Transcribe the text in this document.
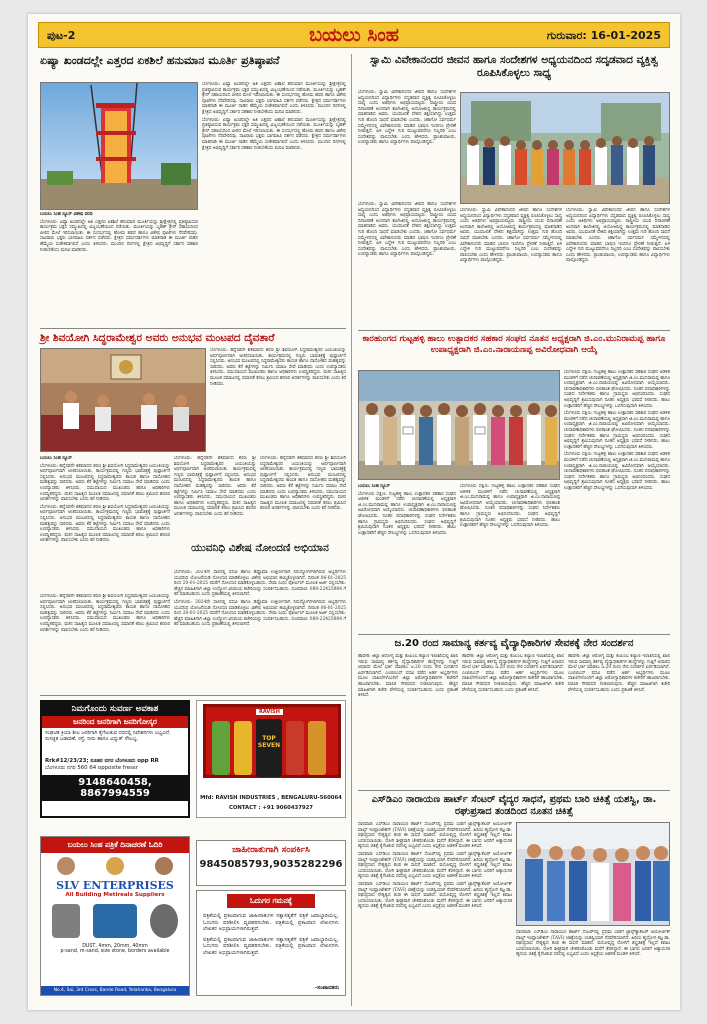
ಪುಟ-2	ಬಯಲು ಸಿಂಹ	ಗುರುವಾರ: 16-01-2025
ಏಷ್ಯಾ ಖಂಡದಲ್ಲೇ ಎತ್ತರದ ಏಕಶಿಲೆ ಹನುಮಾನ ಮೂರ್ತಿ ಪ್ರತಿಷ್ಠಾಪನೆ

ಬಯಲು ಸಿಂಹ ನ್ಯೂಸ್ ವಿಶೇಷ ವರದಿ

ಬೆಂಗಳೂರು: ಏಷ್ಯಾ ಖಂಡದಲ್ಲೇ ಅತಿ ಎತ್ತರದ ಏಕಶಿಲೆ ಹನುಮಾನ ಮೂರ್ತಿಯನ್ನು ಶ್ರೀಕ್ಷೇತ್ರದಲ್ಲಿ ಪ್ರತಿಷ್ಠಾಪಿಸುವ ಕಾರ್ಯಕ್ರಮ ಭಕ್ತರ ಸಮ್ಮುಖದಲ್ಲಿ ವಿಜೃಂಭಣೆಯಿಂದ ನಡೆಯಿತು. ಮೂರ್ತಿಯನ್ನು ಬೃಹತ್ ಕ್ರೇನ್ ಸಹಾಯದಿಂದ ಪೀಠದ ಮೇಲೆ ಇರಿಸಲಾಯಿತು. ಈ ಸಂದರ್ಭದಲ್ಲಿ ಹೋಮ ಹವನ ಹಾಗೂ ವಿಶೇಷ ಪೂಜೆಗಳು ನೆರವೇರಿದವು. ಸಾವಿರಾರು ಭಕ್ತರು ಭಾಗವಹಿಸಿ ದರ್ಶನ ಪಡೆದರು. ಕ್ಷೇತ್ರದ ಧರ್ಮದರ್ಶಿಗಳು ಮಾತನಾಡಿ ಈ ಮೂರ್ತಿ ನಾಡಿನ ಹೆಮ್ಮೆಯ ಸಂಕೇತವಾಗಲಿದೆ ಎಂದು ತಿಳಿಸಿದರು. ಮುಂದಿನ ದಿನಗಳಲ್ಲಿ ಕ್ಷೇತ್ರದ ಅಭಿವೃದ್ಧಿಗೆ ಸರ್ಕಾರ ಸಹಕಾರ ನೀಡಬೇಕೆಂದು ಮನವಿ ಮಾಡಿದರು.

ಬೆಂಗಳೂರು: ಏಷ್ಯಾ ಖಂಡದಲ್ಲೇ ಅತಿ ಎತ್ತರದ ಏಕಶಿಲೆ ಹನುಮಾನ ಮೂರ್ತಿಯನ್ನು ಶ್ರೀಕ್ಷೇತ್ರದಲ್ಲಿ ಪ್ರತಿಷ್ಠಾಪಿಸುವ ಕಾರ್ಯಕ್ರಮ ಭಕ್ತರ ಸಮ್ಮುಖದಲ್ಲಿ ವಿಜೃಂಭಣೆಯಿಂದ ನಡೆಯಿತು. ಮೂರ್ತಿಯನ್ನು ಬೃಹತ್ ಕ್ರೇನ್ ಸಹಾಯದಿಂದ ಪೀಠದ ಮೇಲೆ ಇರಿಸಲಾಯಿತು. ಈ ಸಂದರ್ಭದಲ್ಲಿ ಹೋಮ ಹವನ ಹಾಗೂ ವಿಶೇಷ ಪೂಜೆಗಳು ನೆರವೇರಿದವು. ಸಾವಿರಾರು ಭಕ್ತರು ಭಾಗವಹಿಸಿ ದರ್ಶನ ಪಡೆದರು. ಕ್ಷೇತ್ರದ ಧರ್ಮದರ್ಶಿಗಳು ಮಾತನಾಡಿ ಈ ಮೂರ್ತಿ ನಾಡಿನ ಹೆಮ್ಮೆಯ ಸಂಕೇತವಾಗಲಿದೆ ಎಂದು ತಿಳಿಸಿದರು. ಮುಂದಿನ ದಿನಗಳಲ್ಲಿ ಕ್ಷೇತ್ರದ ಅಭಿವೃದ್ಧಿಗೆ ಸರ್ಕಾರ ಸಹಕಾರ ನೀಡಬೇಕೆಂದು ಮನವಿ ಮಾಡಿದರು.

ಬೆಂಗಳೂರು: ಏಷ್ಯಾ ಖಂಡದಲ್ಲೇ ಅತಿ ಎತ್ತರದ ಏಕಶಿಲೆ ಹನುಮಾನ ಮೂರ್ತಿಯನ್ನು ಶ್ರೀಕ್ಷೇತ್ರದಲ್ಲಿ ಪ್ರತಿಷ್ಠಾಪಿಸುವ ಕಾರ್ಯಕ್ರಮ ಭಕ್ತರ ಸಮ್ಮುಖದಲ್ಲಿ ವಿಜೃಂಭಣೆಯಿಂದ ನಡೆಯಿತು. ಮೂರ್ತಿಯನ್ನು ಬೃಹತ್ ಕ್ರೇನ್ ಸಹಾಯದಿಂದ ಪೀಠದ ಮೇಲೆ ಇರಿಸಲಾಯಿತು. ಈ ಸಂದರ್ಭದಲ್ಲಿ ಹೋಮ ಹವನ ಹಾಗೂ ವಿಶೇಷ ಪೂಜೆಗಳು ನೆರವೇರಿದವು. ಸಾವಿರಾರು ಭಕ್ತರು ಭಾಗವಹಿಸಿ ದರ್ಶನ ಪಡೆದರು. ಕ್ಷೇತ್ರದ ಧರ್ಮದರ್ಶಿಗಳು ಮಾತನಾಡಿ ಈ ಮೂರ್ತಿ ನಾಡಿನ ಹೆಮ್ಮೆಯ ಸಂಕೇತವಾಗಲಿದೆ ಎಂದು ತಿಳಿಸಿದರು. ಮುಂದಿನ ದಿನಗಳಲ್ಲಿ ಕ್ಷೇತ್ರದ ಅಭಿವೃದ್ಧಿಗೆ ಸರ್ಕಾರ ಸಹಕಾರ ನೀಡಬೇಕೆಂದು ಮನವಿ ಮಾಡಿದರು.

ಶ್ರೀ ಶಿವಯೋಗಿ ಸಿದ್ಧರಾಮೇಶ್ವರ ಅವರು ಅನುಭವ ಮಂಟಪದ ದೈವತಾರೆ

ಬೆಂಗಳೂರು: ಹನ್ನೆರಡನೇ ಶತಮಾನದ ಶರಣ ಶ್ರೀ ಶಿವಯೋಗಿ ಸಿದ್ಧರಾಮೇಶ್ವರರ ಜಯಂತಿಯನ್ನು ಅರ್ಥಪೂರ್ಣವಾಗಿ ಆಚರಿಸಲಾಯಿತು. ಕಾರ್ಯಕ್ರಮದಲ್ಲಿ ಗಣ್ಯರು ಭಾವಚಿತ್ರಕ್ಕೆ ಪುಷ್ಪಾರ್ಚನೆ ಸಲ್ಲಿಸಿದರು. ಅನುಭವ ಮಂಟಪದಲ್ಲಿ ಸಿದ್ಧರಾಮೇಶ್ವರರು ಕಾಯಕ ಹಾಗೂ ದಾಸೋಹದ ಮಹತ್ವವನ್ನು ಸಾರಿದರು. ಅವರು ಕೆರೆ ಕಟ್ಟೆಗಳನ್ನು ನಿರ್ಮಿಸಿ ಸಮಾಜ ಸೇವೆ ಮಾಡಿದರು ಎಂದು ಉಪನ್ಯಾಸಕರು ತಿಳಿಸಿದರು. ಸಮುದಾಯದ ಮುಖಂಡರು ಹಾಗೂ ಅಧಿಕಾರಿಗಳು ಉಪಸ್ಥಿತರಿದ್ದರು. ವಚನ ಸಾಹಿತ್ಯದ ಮೂಲಕ ಸಮಾಜದಲ್ಲಿ ಸಮಾನತೆ ತರಲು ಶ್ರಮಿಸಿದ ಶರಣರ ಆದರ್ಶಗಳನ್ನು ಪಾಲಿಸಬೇಕು ಎಂದು ಕರೆ ನೀಡಿದರು.

ಬಯಲು ಸಿಂಹ ನ್ಯೂಸ್

ಬೆಂಗಳೂರು: ಹನ್ನೆರಡನೇ ಶತಮಾನದ ಶರಣ ಶ್ರೀ ಶಿವಯೋಗಿ ಸಿದ್ಧರಾಮೇಶ್ವರರ ಜಯಂತಿಯನ್ನು ಅರ್ಥಪೂರ್ಣವಾಗಿ ಆಚರಿಸಲಾಯಿತು. ಕಾರ್ಯಕ್ರಮದಲ್ಲಿ ಗಣ್ಯರು ಭಾವಚಿತ್ರಕ್ಕೆ ಪುಷ್ಪಾರ್ಚನೆ ಸಲ್ಲಿಸಿದರು. ಅನುಭವ ಮಂಟಪದಲ್ಲಿ ಸಿದ್ಧರಾಮೇಶ್ವರರು ಕಾಯಕ ಹಾಗೂ ದಾಸೋಹದ ಮಹತ್ವವನ್ನು ಸಾರಿದರು. ಅವರು ಕೆರೆ ಕಟ್ಟೆಗಳನ್ನು ನಿರ್ಮಿಸಿ ಸಮಾಜ ಸೇವೆ ಮಾಡಿದರು ಎಂದು ಉಪನ್ಯಾಸಕರು ತಿಳಿಸಿದರು. ಸಮುದಾಯದ ಮುಖಂಡರು ಹಾಗೂ ಅಧಿಕಾರಿಗಳು ಉಪಸ್ಥಿತರಿದ್ದರು. ವಚನ ಸಾಹಿತ್ಯದ ಮೂಲಕ ಸಮಾಜದಲ್ಲಿ ಸಮಾನತೆ ತರಲು ಶ್ರಮಿಸಿದ ಶರಣರ ಆದರ್ಶಗಳನ್ನು ಪಾಲಿಸಬೇಕು ಎಂದು ಕರೆ ನೀಡಿದರು.

ಬೆಂಗಳೂರು: ಹನ್ನೆರಡನೇ ಶತಮಾನದ ಶರಣ ಶ್ರೀ ಶಿವಯೋಗಿ ಸಿದ್ಧರಾಮೇಶ್ವರರ ಜಯಂತಿಯನ್ನು ಅರ್ಥಪೂರ್ಣವಾಗಿ ಆಚರಿಸಲಾಯಿತು. ಕಾರ್ಯಕ್ರಮದಲ್ಲಿ ಗಣ್ಯರು ಭಾವಚಿತ್ರಕ್ಕೆ ಪುಷ್ಪಾರ್ಚನೆ ಸಲ್ಲಿಸಿದರು. ಅನುಭವ ಮಂಟಪದಲ್ಲಿ ಸಿದ್ಧರಾಮೇಶ್ವರರು ಕಾಯಕ ಹಾಗೂ ದಾಸೋಹದ ಮಹತ್ವವನ್ನು ಸಾರಿದರು. ಅವರು ಕೆರೆ ಕಟ್ಟೆಗಳನ್ನು ನಿರ್ಮಿಸಿ ಸಮಾಜ ಸೇವೆ ಮಾಡಿದರು ಎಂದು ಉಪನ್ಯಾಸಕರು ತಿಳಿಸಿದರು. ಸಮುದಾಯದ ಮುಖಂಡರು ಹಾಗೂ ಅಧಿಕಾರಿಗಳು ಉಪಸ್ಥಿತರಿದ್ದರು. ವಚನ ಸಾಹಿತ್ಯದ ಮೂಲಕ ಸಮಾಜದಲ್ಲಿ ಸಮಾನತೆ ತರಲು ಶ್ರಮಿಸಿದ ಶರಣರ ಆದರ್ಶಗಳನ್ನು ಪಾಲಿಸಬೇಕು ಎಂದು ಕರೆ ನೀಡಿದರು.

ಬೆಂಗಳೂರು: ಹನ್ನೆರಡನೇ ಶತಮಾನದ ಶರಣ ಶ್ರೀ ಶಿವಯೋಗಿ ಸಿದ್ಧರಾಮೇಶ್ವರರ ಜಯಂತಿಯನ್ನು ಅರ್ಥಪೂರ್ಣವಾಗಿ ಆಚರಿಸಲಾಯಿತು. ಕಾರ್ಯಕ್ರಮದಲ್ಲಿ ಗಣ್ಯರು ಭಾವಚಿತ್ರಕ್ಕೆ ಪುಷ್ಪಾರ್ಚನೆ ಸಲ್ಲಿಸಿದರು. ಅನುಭವ ಮಂಟಪದಲ್ಲಿ ಸಿದ್ಧರಾಮೇಶ್ವರರು ಕಾಯಕ ಹಾಗೂ ದಾಸೋಹದ ಮಹತ್ವವನ್ನು ಸಾರಿದರು. ಅವರು ಕೆರೆ ಕಟ್ಟೆಗಳನ್ನು ನಿರ್ಮಿಸಿ ಸಮಾಜ ಸೇವೆ ಮಾಡಿದರು ಎಂದು ಉಪನ್ಯಾಸಕರು ತಿಳಿಸಿದರು. ಸಮುದಾಯದ ಮುಖಂಡರು ಹಾಗೂ ಅಧಿಕಾರಿಗಳು ಉಪಸ್ಥಿತರಿದ್ದರು. ವಚನ ಸಾಹಿತ್ಯದ ಮೂಲಕ ಸಮಾಜದಲ್ಲಿ ಸಮಾನತೆ ತರಲು ಶ್ರಮಿಸಿದ ಶರಣರ ಆದರ್ಶಗಳನ್ನು ಪಾಲಿಸಬೇಕು ಎಂದು ಕರೆ ನೀಡಿದರು.

ಬೆಂಗಳೂರು: ಹನ್ನೆರಡನೇ ಶತಮಾನದ ಶರಣ ಶ್ರೀ ಶಿವಯೋಗಿ ಸಿದ್ಧರಾಮೇಶ್ವರರ ಜಯಂತಿಯನ್ನು ಅರ್ಥಪೂರ್ಣವಾಗಿ ಆಚರಿಸಲಾಯಿತು. ಕಾರ್ಯಕ್ರಮದಲ್ಲಿ ಗಣ್ಯರು ಭಾವಚಿತ್ರಕ್ಕೆ ಪುಷ್ಪಾರ್ಚನೆ ಸಲ್ಲಿಸಿದರು. ಅನುಭವ ಮಂಟಪದಲ್ಲಿ ಸಿದ್ಧರಾಮೇಶ್ವರರು ಕಾಯಕ ಹಾಗೂ ದಾಸೋಹದ ಮಹತ್ವವನ್ನು ಸಾರಿದರು. ಅವರು ಕೆರೆ ಕಟ್ಟೆಗಳನ್ನು ನಿರ್ಮಿಸಿ ಸಮಾಜ ಸೇವೆ ಮಾಡಿದರು ಎಂದು ಉಪನ್ಯಾಸಕರು ತಿಳಿಸಿದರು. ಸಮುದಾಯದ ಮುಖಂಡರು ಹಾಗೂ ಅಧಿಕಾರಿಗಳು ಉಪಸ್ಥಿತರಿದ್ದರು. ವಚನ ಸಾಹಿತ್ಯದ ಮೂಲಕ ಸಮಾಜದಲ್ಲಿ ಸಮಾನತೆ ತರಲು ಶ್ರಮಿಸಿದ ಶರಣರ ಆದರ್ಶಗಳನ್ನು ಪಾಲಿಸಬೇಕು ಎಂದು ಕರೆ ನೀಡಿದರು.

ಯುವನಿಧಿ ವಿಶೇಷ ನೋಂದಣಿ ಅಭಿಯಾನ

ಬೆಂಗಳೂರು: 2024ನೇ ಸಾಲಿನಲ್ಲಿ ಪದವಿ ಹಾಗೂ ಡಿಪ್ಲೊಮಾ ಉತ್ತೀರ್ಣರಾಗಿ ನಿರುದ್ಯೋಗಿಗಳಾಗಿರುವ ಅಭ್ಯರ್ಥಿಗಳು ಯುವನಿಧಿ ಯೋಜನೆಯಡಿ ನೋಂದಣಿ ಮಾಡಿಕೊಳ್ಳಲು ವಿಶೇಷ ಅಭಿಯಾನ ಹಮ್ಮಿಕೊಳ್ಳಲಾಗಿದೆ. ದಿನಾಂಕ 06-01-2025 ರಿಂದ 20-01-2025 ರವರೆಗೆ ನೋಂದಣಿ ಮಾಡಿಕೊಳ್ಳಬಹುದು. ಸೇವಾ ಸಿಂಧು ಪೋರ್ಟಲ್ ಮೂಲಕ ಅರ್ಜಿ ಸಲ್ಲಿಸಬೇಕು. ಹೆಚ್ಚಿನ ಮಾಹಿತಿಗಾಗಿ ಜಿಲ್ಲಾ ಉದ್ಯೋಗ ವಿನಿಮಯ ಕಚೇರಿಯನ್ನು ಸಂಪರ್ಕಿಸಬಹುದು. ದೂರವಾಣಿ: 080-22425984 ಗೆ ಕರೆ ಮಾಡಬಹುದು ಎಂದು ಪ್ರಕಟಣೆಯಲ್ಲಿ ತಿಳಿಸಲಾಗಿದೆ.

ಬೆಂಗಳೂರು: 2024ನೇ ಸಾಲಿನಲ್ಲಿ ಪದವಿ ಹಾಗೂ ಡಿಪ್ಲೊಮಾ ಉತ್ತೀರ್ಣರಾಗಿ ನಿರುದ್ಯೋಗಿಗಳಾಗಿರುವ ಅಭ್ಯರ್ಥಿಗಳು ಯುವನಿಧಿ ಯೋಜನೆಯಡಿ ನೋಂದಣಿ ಮಾಡಿಕೊಳ್ಳಲು ವಿಶೇಷ ಅಭಿಯಾನ ಹಮ್ಮಿಕೊಳ್ಳಲಾಗಿದೆ. ದಿನಾಂಕ 06-01-2025 ರಿಂದ 20-01-2025 ರವರೆಗೆ ನೋಂದಣಿ ಮಾಡಿಕೊಳ್ಳಬಹುದು. ಸೇವಾ ಸಿಂಧು ಪೋರ್ಟಲ್ ಮೂಲಕ ಅರ್ಜಿ ಸಲ್ಲಿಸಬೇಕು. ಹೆಚ್ಚಿನ ಮಾಹಿತಿಗಾಗಿ ಜಿಲ್ಲಾ ಉದ್ಯೋಗ ವಿನಿಮಯ ಕಚೇರಿಯನ್ನು ಸಂಪರ್ಕಿಸಬಹುದು. ದೂರವಾಣಿ: 080-22425984 ಗೆ ಕರೆ ಮಾಡಬಹುದು ಎಂದು ಪ್ರಕಟಣೆಯಲ್ಲಿ ತಿಳಿಸಲಾಗಿದೆ.

ಬೆಂಗಳೂರು: ಹನ್ನೆರಡನೇ ಶತಮಾನದ ಶರಣ ಶ್ರೀ ಶಿವಯೋಗಿ ಸಿದ್ಧರಾಮೇಶ್ವರರ ಜಯಂತಿಯನ್ನು ಅರ್ಥಪೂರ್ಣವಾಗಿ ಆಚರಿಸಲಾಯಿತು. ಕಾರ್ಯಕ್ರಮದಲ್ಲಿ ಗಣ್ಯರು ಭಾವಚಿತ್ರಕ್ಕೆ ಪುಷ್ಪಾರ್ಚನೆ ಸಲ್ಲಿಸಿದರು. ಅನುಭವ ಮಂಟಪದಲ್ಲಿ ಸಿದ್ಧರಾಮೇಶ್ವರರು ಕಾಯಕ ಹಾಗೂ ದಾಸೋಹದ ಮಹತ್ವವನ್ನು ಸಾರಿದರು. ಅವರು ಕೆರೆ ಕಟ್ಟೆಗಳನ್ನು ನಿರ್ಮಿಸಿ ಸಮಾಜ ಸೇವೆ ಮಾಡಿದರು ಎಂದು ಉಪನ್ಯಾಸಕರು ತಿಳಿಸಿದರು. ಸಮುದಾಯದ ಮುಖಂಡರು ಹಾಗೂ ಅಧಿಕಾರಿಗಳು ಉಪಸ್ಥಿತರಿದ್ದರು. ವಚನ ಸಾಹಿತ್ಯದ ಮೂಲಕ ಸಮಾಜದಲ್ಲಿ ಸಮಾನತೆ ತರಲು ಶ್ರಮಿಸಿದ ಶರಣರ ಆದರ್ಶಗಳನ್ನು ಪಾಲಿಸಬೇಕು ಎಂದು ಕರೆ ನೀಡಿದರು.

ನಿಮಗೊಂದು ಸುವರ್ಣ ಅವಕಾಶ
ಜನರಿಂದ ಜನರಿಗಾಗಿ ಜನರಿಗೋಸ್ಕರ
ಸಂಘಟಿತ ಕ್ರಿಯಾ ಶೀಲ ಜನರಿಗಾಗಿ ಕೈಗೆಟುಕುವ ದರದಲ್ಲಿ ನಿವೇಶನಗಳು ಲಭ್ಯವಿದೆ. ಸುಸಜ್ಜಿತ ಬಡಾವಣೆ, ರಸ್ತೆ, ನೀರು ಹಾಗೂ ವಿದ್ಯುತ್ ಸೌಲಭ್ಯ.
Rrk#12/23/23; ನೂತನ ನಗರ ಬೆಂಗಳೂರು opp RR
ಬೆಂಗಳೂರು ನಗರ 560 64 opposite fressr
9148640458, 8867994559
RAVISH
TOP SEVEN
Mfd: RAVISH INDUSTRIES , BENGALURU-560064
CONTACT : +91 9060437927
ಬಯಲು ಸಿಂಹ ಪತ್ರಿಕೆ ದಿನಾಚರಣೆ ಓದಿರಿ
SLV ENTERPRISES
All Building Metireals Suppliers
DUST, 4mm, 20mm, 40mm
p-sand, m-sand, size stone, borders available
No.4, Sai, 3rd Cross, Bande Road, Yelahanka, Bengaluru
ಜಾಹೀರಾತುಗಾಗಿ ಸಂಪರ್ಕಿಸಿ
9845085793,9035282296
ಓದುಗರ ಗಮನಕ್ಕೆ
ಪತ್ರಿಕೆಯಲ್ಲಿ ಪ್ರಕಟವಾಗುವ ಜಾಹೀರಾತುಗಳ ಸತ್ಯಾಸತ್ಯತೆಗೆ ಪತ್ರಿಕೆ ಜವಾಬ್ದಾರಿಯಲ್ಲ. ಓದುಗರು ಪರಿಶೀಲಿಸಿ ವ್ಯವಹರಿಸಬೇಕು. ಪತ್ರಿಕೆಯಲ್ಲಿ ಪ್ರಕಟವಾದ ಲೇಖನಗಳು ಲೇಖಕರ ಅಭಿಪ್ರಾಯಗಳಾಗಿರುತ್ತವೆ.
ಪತ್ರಿಕೆಯಲ್ಲಿ ಪ್ರಕಟವಾಗುವ ಜಾಹೀರಾತುಗಳ ಸತ್ಯಾಸತ್ಯತೆಗೆ ಪತ್ರಿಕೆ ಜವಾಬ್ದಾರಿಯಲ್ಲ. ಓದುಗರು ಪರಿಶೀಲಿಸಿ ವ್ಯವಹರಿಸಬೇಕು. ಪತ್ರಿಕೆಯಲ್ಲಿ ಪ್ರಕಟವಾದ ಲೇಖನಗಳು ಲೇಖಕರ ಅಭಿಪ್ರಾಯಗಳಾಗಿರುತ್ತವೆ.
-ಸಂಪಾದಕರು
ಸ್ವಾಮಿ ವಿವೇಕಾನಂದರ ಜೀವನ ಹಾಗೂ ಸಂದೇಶಗಳ ಅಧ್ಯಯನದಿಂದ ಸದೃಡವಾದ ವ್ಯಕ್ತಿತ್ವ ರೂಪಿಸಿಕೊಳ್ಳಲು ಸಾಧ್ಯ

ಬೆಂಗಳೂರು: ಸ್ವಾಮಿ ವಿವೇಕಾನಂದರ ಜೀವನ ಹಾಗೂ ಸಂದೇಶಗಳ ಅಧ್ಯಯನದಿಂದ ವಿದ್ಯಾರ್ಥಿಗಳು ಸದೃಡವಾದ ವ್ಯಕ್ತಿತ್ವ ರೂಪಿಸಿಕೊಳ್ಳಲು ಸಾಧ್ಯ ಎಂದು ಅತಿಥಿಗಳು ಅಭಿಪ್ರಾಯಪಟ್ಟರು. ರಾಷ್ಟ್ರೀಯ ಯುವ ದಿನಾಚರಣೆ ಅಂಗವಾಗಿ ಕಾಲೇಜಿನಲ್ಲಿ ಆಯೋಜಿಸಿದ್ದ ಕಾರ್ಯಕ್ರಮದಲ್ಲಿ ಮಾತನಾಡಿದ ಅವರು, ಯುವಜನತೆ ದೇಶದ ಶಕ್ತಿಯಾಗಿದ್ದು ಉತ್ತಮ ಗುರಿ ಹೊಂದಿ ಸಾಧನೆ ಮಾಡಬೇಕು ಎಂದರು. ಚಿಕಾಗೋ ಸರ್ವಧರ್ಮ ಸಮ್ಮೇಳನದಲ್ಲಿ ವಿವೇಕಾನಂದರು ಮಾಡಿದ ಭಾಷಣ ಇಂದಿಗೂ ಪ್ರೇರಣೆ ನೀಡುತ್ತದೆ. ಏಳಿ ಎದ್ದೇಳಿ ಗುರಿ ಮುಟ್ಟುವವರೆಗೂ ನಿಲ್ಲದಿರಿ ಎಂಬ ಸಂದೇಶವನ್ನು ಪಾಲಿಸಬೇಕು ಎಂದು ಹೇಳಿದರು. ಪ್ರಾಂಶುಪಾಲರು, ಉಪನ್ಯಾಸಕರು ಹಾಗೂ ವಿದ್ಯಾರ್ಥಿಗಳು ಪಾಲ್ಗೊಂಡಿದ್ದರು.

ಬೆಂಗಳೂರು: ಸ್ವಾಮಿ ವಿವೇಕಾನಂದರ ಜೀವನ ಹಾಗೂ ಸಂದೇಶಗಳ ಅಧ್ಯಯನದಿಂದ ವಿದ್ಯಾರ್ಥಿಗಳು ಸದೃಡವಾದ ವ್ಯಕ್ತಿತ್ವ ರೂಪಿಸಿಕೊಳ್ಳಲು ಸಾಧ್ಯ ಎಂದು ಅತಿಥಿಗಳು ಅಭಿಪ್ರಾಯಪಟ್ಟರು. ರಾಷ್ಟ್ರೀಯ ಯುವ ದಿನಾಚರಣೆ ಅಂಗವಾಗಿ ಕಾಲೇಜಿನಲ್ಲಿ ಆಯೋಜಿಸಿದ್ದ ಕಾರ್ಯಕ್ರಮದಲ್ಲಿ ಮಾತನಾಡಿದ ಅವರು, ಯುವಜನತೆ ದೇಶದ ಶಕ್ತಿಯಾಗಿದ್ದು ಉತ್ತಮ ಗುರಿ ಹೊಂದಿ ಸಾಧನೆ ಮಾಡಬೇಕು ಎಂದರು. ಚಿಕಾಗೋ ಸರ್ವಧರ್ಮ ಸಮ್ಮೇಳನದಲ್ಲಿ ವಿವೇಕಾನಂದರು ಮಾಡಿದ ಭಾಷಣ ಇಂದಿಗೂ ಪ್ರೇರಣೆ ನೀಡುತ್ತದೆ. ಏಳಿ ಎದ್ದೇಳಿ ಗುರಿ ಮುಟ್ಟುವವರೆಗೂ ನಿಲ್ಲದಿರಿ ಎಂಬ ಸಂದೇಶವನ್ನು ಪಾಲಿಸಬೇಕು ಎಂದು ಹೇಳಿದರು. ಪ್ರಾಂಶುಪಾಲರು, ಉಪನ್ಯಾಸಕರು ಹಾಗೂ ವಿದ್ಯಾರ್ಥಿಗಳು ಪಾಲ್ಗೊಂಡಿದ್ದರು.

ಬೆಂಗಳೂರು: ಸ್ವಾಮಿ ವಿವೇಕಾನಂದರ ಜೀವನ ಹಾಗೂ ಸಂದೇಶಗಳ ಅಧ್ಯಯನದಿಂದ ವಿದ್ಯಾರ್ಥಿಗಳು ಸದೃಡವಾದ ವ್ಯಕ್ತಿತ್ವ ರೂಪಿಸಿಕೊಳ್ಳಲು ಸಾಧ್ಯ ಎಂದು ಅತಿಥಿಗಳು ಅಭಿಪ್ರಾಯಪಟ್ಟರು. ರಾಷ್ಟ್ರೀಯ ಯುವ ದಿನಾಚರಣೆ ಅಂಗವಾಗಿ ಕಾಲೇಜಿನಲ್ಲಿ ಆಯೋಜಿಸಿದ್ದ ಕಾರ್ಯಕ್ರಮದಲ್ಲಿ ಮಾತನಾಡಿದ ಅವರು, ಯುವಜನತೆ ದೇಶದ ಶಕ್ತಿಯಾಗಿದ್ದು ಉತ್ತಮ ಗುರಿ ಹೊಂದಿ ಸಾಧನೆ ಮಾಡಬೇಕು ಎಂದರು. ಚಿಕಾಗೋ ಸರ್ವಧರ್ಮ ಸಮ್ಮೇಳನದಲ್ಲಿ ವಿವೇಕಾನಂದರು ಮಾಡಿದ ಭಾಷಣ ಇಂದಿಗೂ ಪ್ರೇರಣೆ ನೀಡುತ್ತದೆ. ಏಳಿ ಎದ್ದೇಳಿ ಗುರಿ ಮುಟ್ಟುವವರೆಗೂ ನಿಲ್ಲದಿರಿ ಎಂಬ ಸಂದೇಶವನ್ನು ಪಾಲಿಸಬೇಕು ಎಂದು ಹೇಳಿದರು. ಪ್ರಾಂಶುಪಾಲರು, ಉಪನ್ಯಾಸಕರು ಹಾಗೂ ವಿದ್ಯಾರ್ಥಿಗಳು ಪಾಲ್ಗೊಂಡಿದ್ದರು.

ಬೆಂಗಳೂರು: ಸ್ವಾಮಿ ವಿವೇಕಾನಂದರ ಜೀವನ ಹಾಗೂ ಸಂದೇಶಗಳ ಅಧ್ಯಯನದಿಂದ ವಿದ್ಯಾರ್ಥಿಗಳು ಸದೃಡವಾದ ವ್ಯಕ್ತಿತ್ವ ರೂಪಿಸಿಕೊಳ್ಳಲು ಸಾಧ್ಯ ಎಂದು ಅತಿಥಿಗಳು ಅಭಿಪ್ರಾಯಪಟ್ಟರು. ರಾಷ್ಟ್ರೀಯ ಯುವ ದಿನಾಚರಣೆ ಅಂಗವಾಗಿ ಕಾಲೇಜಿನಲ್ಲಿ ಆಯೋಜಿಸಿದ್ದ ಕಾರ್ಯಕ್ರಮದಲ್ಲಿ ಮಾತನಾಡಿದ ಅವರು, ಯುವಜನತೆ ದೇಶದ ಶಕ್ತಿಯಾಗಿದ್ದು ಉತ್ತಮ ಗುರಿ ಹೊಂದಿ ಸಾಧನೆ ಮಾಡಬೇಕು ಎಂದರು. ಚಿಕಾಗೋ ಸರ್ವಧರ್ಮ ಸಮ್ಮೇಳನದಲ್ಲಿ ವಿವೇಕಾನಂದರು ಮಾಡಿದ ಭಾಷಣ ಇಂದಿಗೂ ಪ್ರೇರಣೆ ನೀಡುತ್ತದೆ. ಏಳಿ ಎದ್ದೇಳಿ ಗುರಿ ಮುಟ್ಟುವವರೆಗೂ ನಿಲ್ಲದಿರಿ ಎಂಬ ಸಂದೇಶವನ್ನು ಪಾಲಿಸಬೇಕು ಎಂದು ಹೇಳಿದರು. ಪ್ರಾಂಶುಪಾಲರು, ಉಪನ್ಯಾಸಕರು ಹಾಗೂ ವಿದ್ಯಾರ್ಥಿಗಳು ಪಾಲ್ಗೊಂಡಿದ್ದರು.

ಕಾರಹುಂಗದ ಗುಟ್ಟಹಳ್ಳಿ ಹಾಲು ಉತ್ಪಾದಕರ ಸಹಕಾರ ಸಂಘದ ನೂತನ ಅಧ್ಯಕ್ಷರಾಗಿ ಜಿ.ಎಂ.ಮುನಿರಾಮಪ್ಪ ಹಾಗೂ ಉಪಾಧ್ಯಕ್ಷರಾಗಿ ಜಿ.ಎಂ.ನಾರಾಯಣಪ್ಪ ಅವಿರೋಧವಾಗಿ ಆಯ್ಕೆ

ಬೆಂಗಳೂರು ದಕ್ಷಿಣ: ಗುಟ್ಟಹಳ್ಳಿ ಹಾಲು ಉತ್ಪಾದಕರ ಸಹಕಾರ ಸಂಘದ ಆಡಳಿತ ಮಂಡಳಿಗೆ ನಡೆದ ಚುನಾವಣೆಯಲ್ಲಿ ಅಧ್ಯಕ್ಷರಾಗಿ ಜಿ.ಎಂ.ಮುನಿರಾಮಪ್ಪ ಹಾಗೂ ಉಪಾಧ್ಯಕ್ಷರಾಗಿ ಜಿ.ಎಂ.ನಾರಾಯಣಪ್ಪ ಅವಿರೋಧವಾಗಿ ಆಯ್ಕೆಯಾದರು. ಚುನಾವಣಾಧಿಕಾರಿಗಳು ಫಲಿತಾಂಶ ಘೋಷಿಸಿದರು. ನೂತನ ಪದಾಧಿಕಾರಿಗಳನ್ನು ಸಂಘದ ನಿರ್ದೇಶಕರು ಹಾಗೂ ಗ್ರಾಮಸ್ಥರು ಅಭಿನಂದಿಸಿದರು. ಸಂಘದ ಅಭಿವೃದ್ಧಿಗೆ ಶ್ರಮಿಸುವುದಾಗಿ ನೂತನ ಅಧ್ಯಕ್ಷರು ಭರವಸೆ ನೀಡಿದರು. ಹಾಲು ಉತ್ಪಾದಕರಿಗೆ ಹೆಚ್ಚಿನ ಸೌಲಭ್ಯಗಳನ್ನು ಒದಗಿಸುವುದಾಗಿ ತಿಳಿಸಿದರು.

ಬೆಂಗಳೂರು ದಕ್ಷಿಣ: ಗುಟ್ಟಹಳ್ಳಿ ಹಾಲು ಉತ್ಪಾದಕರ ಸಹಕಾರ ಸಂಘದ ಆಡಳಿತ ಮಂಡಳಿಗೆ ನಡೆದ ಚುನಾವಣೆಯಲ್ಲಿ ಅಧ್ಯಕ್ಷರಾಗಿ ಜಿ.ಎಂ.ಮುನಿರಾಮಪ್ಪ ಹಾಗೂ ಉಪಾಧ್ಯಕ್ಷರಾಗಿ ಜಿ.ಎಂ.ನಾರಾಯಣಪ್ಪ ಅವಿರೋಧವಾಗಿ ಆಯ್ಕೆಯಾದರು. ಚುನಾವಣಾಧಿಕಾರಿಗಳು ಫಲಿತಾಂಶ ಘೋಷಿಸಿದರು. ನೂತನ ಪದಾಧಿಕಾರಿಗಳನ್ನು ಸಂಘದ ನಿರ್ದೇಶಕರು ಹಾಗೂ ಗ್ರಾಮಸ್ಥರು ಅಭಿನಂದಿಸಿದರು. ಸಂಘದ ಅಭಿವೃದ್ಧಿಗೆ ಶ್ರಮಿಸುವುದಾಗಿ ನೂತನ ಅಧ್ಯಕ್ಷರು ಭರವಸೆ ನೀಡಿದರು. ಹಾಲು ಉತ್ಪಾದಕರಿಗೆ ಹೆಚ್ಚಿನ ಸೌಲಭ್ಯಗಳನ್ನು ಒದಗಿಸುವುದಾಗಿ ತಿಳಿಸಿದರು.

ಬೆಂಗಳೂರು ದಕ್ಷಿಣ: ಗುಟ್ಟಹಳ್ಳಿ ಹಾಲು ಉತ್ಪಾದಕರ ಸಹಕಾರ ಸಂಘದ ಆಡಳಿತ ಮಂಡಳಿಗೆ ನಡೆದ ಚುನಾವಣೆಯಲ್ಲಿ ಅಧ್ಯಕ್ಷರಾಗಿ ಜಿ.ಎಂ.ಮುನಿರಾಮಪ್ಪ ಹಾಗೂ ಉಪಾಧ್ಯಕ್ಷರಾಗಿ ಜಿ.ಎಂ.ನಾರಾಯಣಪ್ಪ ಅವಿರೋಧವಾಗಿ ಆಯ್ಕೆಯಾದರು. ಚುನಾವಣಾಧಿಕಾರಿಗಳು ಫಲಿತಾಂಶ ಘೋಷಿಸಿದರು. ನೂತನ ಪದಾಧಿಕಾರಿಗಳನ್ನು ಸಂಘದ ನಿರ್ದೇಶಕರು ಹಾಗೂ ಗ್ರಾಮಸ್ಥರು ಅಭಿನಂದಿಸಿದರು. ಸಂಘದ ಅಭಿವೃದ್ಧಿಗೆ ಶ್ರಮಿಸುವುದಾಗಿ ನೂತನ ಅಧ್ಯಕ್ಷರು ಭರವಸೆ ನೀಡಿದರು. ಹಾಲು ಉತ್ಪಾದಕರಿಗೆ ಹೆಚ್ಚಿನ ಸೌಲಭ್ಯಗಳನ್ನು ಒದಗಿಸುವುದಾಗಿ ತಿಳಿಸಿದರು.

ಬಯಲು ಸಿಂಹ ನ್ಯೂಸ್

ಬೆಂಗಳೂರು ದಕ್ಷಿಣ: ಗುಟ್ಟಹಳ್ಳಿ ಹಾಲು ಉತ್ಪಾದಕರ ಸಹಕಾರ ಸಂಘದ ಆಡಳಿತ ಮಂಡಳಿಗೆ ನಡೆದ ಚುನಾವಣೆಯಲ್ಲಿ ಅಧ್ಯಕ್ಷರಾಗಿ ಜಿ.ಎಂ.ಮುನಿರಾಮಪ್ಪ ಹಾಗೂ ಉಪಾಧ್ಯಕ್ಷರಾಗಿ ಜಿ.ಎಂ.ನಾರಾಯಣಪ್ಪ ಅವಿರೋಧವಾಗಿ ಆಯ್ಕೆಯಾದರು. ಚುನಾವಣಾಧಿಕಾರಿಗಳು ಫಲಿತಾಂಶ ಘೋಷಿಸಿದರು. ನೂತನ ಪದಾಧಿಕಾರಿಗಳನ್ನು ಸಂಘದ ನಿರ್ದೇಶಕರು ಹಾಗೂ ಗ್ರಾಮಸ್ಥರು ಅಭಿನಂದಿಸಿದರು. ಸಂಘದ ಅಭಿವೃದ್ಧಿಗೆ ಶ್ರಮಿಸುವುದಾಗಿ ನೂತನ ಅಧ್ಯಕ್ಷರು ಭರವಸೆ ನೀಡಿದರು. ಹಾಲು ಉತ್ಪಾದಕರಿಗೆ ಹೆಚ್ಚಿನ ಸೌಲಭ್ಯಗಳನ್ನು ಒದಗಿಸುವುದಾಗಿ ತಿಳಿಸಿದರು.

ಬೆಂಗಳೂರು ದಕ್ಷಿಣ: ಗುಟ್ಟಹಳ್ಳಿ ಹಾಲು ಉತ್ಪಾದಕರ ಸಹಕಾರ ಸಂಘದ ಆಡಳಿತ ಮಂಡಳಿಗೆ ನಡೆದ ಚುನಾವಣೆಯಲ್ಲಿ ಅಧ್ಯಕ್ಷರಾಗಿ ಜಿ.ಎಂ.ಮುನಿರಾಮಪ್ಪ ಹಾಗೂ ಉಪಾಧ್ಯಕ್ಷರಾಗಿ ಜಿ.ಎಂ.ನಾರಾಯಣಪ್ಪ ಅವಿರೋಧವಾಗಿ ಆಯ್ಕೆಯಾದರು. ಚುನಾವಣಾಧಿಕಾರಿಗಳು ಫಲಿತಾಂಶ ಘೋಷಿಸಿದರು. ನೂತನ ಪದಾಧಿಕಾರಿಗಳನ್ನು ಸಂಘದ ನಿರ್ದೇಶಕರು ಹಾಗೂ ಗ್ರಾಮಸ್ಥರು ಅಭಿನಂದಿಸಿದರು. ಸಂಘದ ಅಭಿವೃದ್ಧಿಗೆ ಶ್ರಮಿಸುವುದಾಗಿ ನೂತನ ಅಧ್ಯಕ್ಷರು ಭರವಸೆ ನೀಡಿದರು. ಹಾಲು ಉತ್ಪಾದಕರಿಗೆ ಹೆಚ್ಚಿನ ಸೌಲಭ್ಯಗಳನ್ನು ಒದಗಿಸುವುದಾಗಿ ತಿಳಿಸಿದರು.

ಜ.20 ರಂದ ಸಾಮಾನ್ಯ ಕರ್ತವ್ಯ ವೈದ್ಯಾಧಿಕಾರಿಗಳ ಸೇವಕಕ್ಕೆ ನೇರ ಸಂದರ್ಶನ

ಹಾವೇರಿ: ಜಿಲ್ಲಾ ಆರೋಗ್ಯ ಮತ್ತು ಕುಟುಂಬ ಕಲ್ಯಾಣ ಇಲಾಖೆಯಲ್ಲಿ ಖಾಲಿ ಇರುವ ಸಾಮಾನ್ಯ ಕರ್ತವ್ಯ ವೈದ್ಯಾಧಿಕಾರಿಗಳ ಹುದ್ದೆಗಳನ್ನು ಗುತ್ತಿಗೆ ಆಧಾರದ ಮೇಲೆ ಭರ್ತಿ ಮಾಡಲು ಜ.20 ರಂದು ನೇರ ಸಂದರ್ಶನ ಏರ್ಪಡಿಸಲಾಗಿದೆ. ಎಂಬಿಬಿಎಸ್ ಪದವಿ ಪಡೆದ ಅರ್ಹ ಅಭ್ಯರ್ಥಿಗಳು ಮೂಲ ದಾಖಲೆಗಳೊಂದಿಗೆ ಜಿಲ್ಲಾ ಆರೋಗ್ಯಾಧಿಕಾರಿಗಳ ಕಚೇರಿಗೆ ಹಾಜರಾಗಬೇಕು. ಮಾಸಿಕ ಗೌರವಧನ ನೀಡಲಾಗುವುದು. ಹೆಚ್ಚಿನ ಮಾಹಿತಿಗಾಗಿ ಕಚೇರಿ ವೇಳೆಯಲ್ಲಿ ಸಂಪರ್ಕಿಸಬಹುದು ಎಂದು ಪ್ರಕಟಣೆ ತಿಳಿಸಿದೆ.

ಹಾವೇರಿ: ಜಿಲ್ಲಾ ಆರೋಗ್ಯ ಮತ್ತು ಕುಟುಂಬ ಕಲ್ಯಾಣ ಇಲಾಖೆಯಲ್ಲಿ ಖಾಲಿ ಇರುವ ಸಾಮಾನ್ಯ ಕರ್ತವ್ಯ ವೈದ್ಯಾಧಿಕಾರಿಗಳ ಹುದ್ದೆಗಳನ್ನು ಗುತ್ತಿಗೆ ಆಧಾರದ ಮೇಲೆ ಭರ್ತಿ ಮಾಡಲು ಜ.20 ರಂದು ನೇರ ಸಂದರ್ಶನ ಏರ್ಪಡಿಸಲಾಗಿದೆ. ಎಂಬಿಬಿಎಸ್ ಪದವಿ ಪಡೆದ ಅರ್ಹ ಅಭ್ಯರ್ಥಿಗಳು ಮೂಲ ದಾಖಲೆಗಳೊಂದಿಗೆ ಜಿಲ್ಲಾ ಆರೋಗ್ಯಾಧಿಕಾರಿಗಳ ಕಚೇರಿಗೆ ಹಾಜರಾಗಬೇಕು. ಮಾಸಿಕ ಗೌರವಧನ ನೀಡಲಾಗುವುದು. ಹೆಚ್ಚಿನ ಮಾಹಿತಿಗಾಗಿ ಕಚೇರಿ ವೇಳೆಯಲ್ಲಿ ಸಂಪರ್ಕಿಸಬಹುದು ಎಂದು ಪ್ರಕಟಣೆ ತಿಳಿಸಿದೆ.

ಹಾವೇರಿ: ಜಿಲ್ಲಾ ಆರೋಗ್ಯ ಮತ್ತು ಕುಟುಂಬ ಕಲ್ಯಾಣ ಇಲಾಖೆಯಲ್ಲಿ ಖಾಲಿ ಇರುವ ಸಾಮಾನ್ಯ ಕರ್ತವ್ಯ ವೈದ್ಯಾಧಿಕಾರಿಗಳ ಹುದ್ದೆಗಳನ್ನು ಗುತ್ತಿಗೆ ಆಧಾರದ ಮೇಲೆ ಭರ್ತಿ ಮಾಡಲು ಜ.20 ರಂದು ನೇರ ಸಂದರ್ಶನ ಏರ್ಪಡಿಸಲಾಗಿದೆ. ಎಂಬಿಬಿಎಸ್ ಪದವಿ ಪಡೆದ ಅರ್ಹ ಅಭ್ಯರ್ಥಿಗಳು ಮೂಲ ದಾಖಲೆಗಳೊಂದಿಗೆ ಜಿಲ್ಲಾ ಆರೋಗ್ಯಾಧಿಕಾರಿಗಳ ಕಚೇರಿಗೆ ಹಾಜರಾಗಬೇಕು. ಮಾಸಿಕ ಗೌರವಧನ ನೀಡಲಾಗುವುದು. ಹೆಚ್ಚಿನ ಮಾಹಿತಿಗಾಗಿ ಕಚೇರಿ ವೇಳೆಯಲ್ಲಿ ಸಂಪರ್ಕಿಸಬಹುದು ಎಂದು ಪ್ರಕಟಣೆ ತಿಳಿಸಿದೆ.

ಎಸ್‌ಡಿಎಂ ನಾರಾಯಣ ಹಾರ್ಟ್ ಸೆಂಟರ್ ವೈದ್ಯರ ಸಾಧನೆ, ಪ್ರಥಮ ಬಾರಿ ಚಿಕಿತ್ಸೆ ಯಶಸ್ವಿ, ಡಾ. ರಘುಪ್ರಸಾದ ತಂಡದಿಂದ ನೂತನ ಚಿಕಿತ್ಸೆ

ಧಾರವಾಡ: ಎಸ್‌ಡಿಎಂ ನಾರಾಯಣ ಹಾರ್ಟ್ ಸೆಂಟರ್‌ನಲ್ಲಿ ಪ್ರಥಮ ಬಾರಿಗೆ ಟ್ರಾನ್ಸ್‌ಕ್ಯಾತೆಟರ್ ಅಯೋರ್ಟಿಕ್ ವಾಲ್ವ್ ಇಂಪ್ಲಾಂಟೇಶನ್ (TAVI) ಚಿಕಿತ್ಸೆಯನ್ನು ಯಶಸ್ವಿಯಾಗಿ ನೆರವೇರಿಸಲಾಗಿದೆ. ಹಿರಿಯ ಹೃದ್ರೋಗ ತಜ್ಞ ಡಾ. ರಘುಪ್ರಸಾದ ನೇತೃತ್ವದ ತಂಡ ಈ ಸಾಧನೆ ಮಾಡಿದೆ. ವಯೋವೃದ್ಧ ರೋಗಿಗೆ ಶಸ್ತ್ರಚಿಕಿತ್ಸೆ ಇಲ್ಲದೆ ಕವಾಟ ಬದಲಿಸಲಾಯಿತು. ರೋಗಿ ಶೀಘ್ರವಾಗಿ ಚೇತರಿಸಿಕೊಂಡು ಮನೆಗೆ ತೆರಳಿದ್ದಾರೆ. ಈ ಭಾಗದ ಜನರಿಗೆ ಅತ್ಯಾಧುನಿಕ ಹೃದಯ ಚಿಕಿತ್ಸೆ ಕೈಗೆಟಕುವ ದರದಲ್ಲಿ ಲಭ್ಯವಿದೆ ಎಂದು ಆಸ್ಪತ್ರೆಯ ಆಡಳಿತ ಮಂಡಳಿ ತಿಳಿಸಿದೆ.

ಧಾರವಾಡ: ಎಸ್‌ಡಿಎಂ ನಾರಾಯಣ ಹಾರ್ಟ್ ಸೆಂಟರ್‌ನಲ್ಲಿ ಪ್ರಥಮ ಬಾರಿಗೆ ಟ್ರಾನ್ಸ್‌ಕ್ಯಾತೆಟರ್ ಅಯೋರ್ಟಿಕ್ ವಾಲ್ವ್ ಇಂಪ್ಲಾಂಟೇಶನ್ (TAVI) ಚಿಕಿತ್ಸೆಯನ್ನು ಯಶಸ್ವಿಯಾಗಿ ನೆರವೇರಿಸಲಾಗಿದೆ. ಹಿರಿಯ ಹೃದ್ರೋಗ ತಜ್ಞ ಡಾ. ರಘುಪ್ರಸಾದ ನೇತೃತ್ವದ ತಂಡ ಈ ಸಾಧನೆ ಮಾಡಿದೆ. ವಯೋವೃದ್ಧ ರೋಗಿಗೆ ಶಸ್ತ್ರಚಿಕಿತ್ಸೆ ಇಲ್ಲದೆ ಕವಾಟ ಬದಲಿಸಲಾಯಿತು. ರೋಗಿ ಶೀಘ್ರವಾಗಿ ಚೇತರಿಸಿಕೊಂಡು ಮನೆಗೆ ತೆರಳಿದ್ದಾರೆ. ಈ ಭಾಗದ ಜನರಿಗೆ ಅತ್ಯಾಧುನಿಕ ಹೃದಯ ಚಿಕಿತ್ಸೆ ಕೈಗೆಟಕುವ ದರದಲ್ಲಿ ಲಭ್ಯವಿದೆ ಎಂದು ಆಸ್ಪತ್ರೆಯ ಆಡಳಿತ ಮಂಡಳಿ ತಿಳಿಸಿದೆ.

ಧಾರವಾಡ: ಎಸ್‌ಡಿಎಂ ನಾರಾಯಣ ಹಾರ್ಟ್ ಸೆಂಟರ್‌ನಲ್ಲಿ ಪ್ರಥಮ ಬಾರಿಗೆ ಟ್ರಾನ್ಸ್‌ಕ್ಯಾತೆಟರ್ ಅಯೋರ್ಟಿಕ್ ವಾಲ್ವ್ ಇಂಪ್ಲಾಂಟೇಶನ್ (TAVI) ಚಿಕಿತ್ಸೆಯನ್ನು ಯಶಸ್ವಿಯಾಗಿ ನೆರವೇರಿಸಲಾಗಿದೆ. ಹಿರಿಯ ಹೃದ್ರೋಗ ತಜ್ಞ ಡಾ. ರಘುಪ್ರಸಾದ ನೇತೃತ್ವದ ತಂಡ ಈ ಸಾಧನೆ ಮಾಡಿದೆ. ವಯೋವೃದ್ಧ ರೋಗಿಗೆ ಶಸ್ತ್ರಚಿಕಿತ್ಸೆ ಇಲ್ಲದೆ ಕವಾಟ ಬದಲಿಸಲಾಯಿತು. ರೋಗಿ ಶೀಘ್ರವಾಗಿ ಚೇತರಿಸಿಕೊಂಡು ಮನೆಗೆ ತೆರಳಿದ್ದಾರೆ. ಈ ಭಾಗದ ಜನರಿಗೆ ಅತ್ಯಾಧುನಿಕ ಹೃದಯ ಚಿಕಿತ್ಸೆ ಕೈಗೆಟಕುವ ದರದಲ್ಲಿ ಲಭ್ಯವಿದೆ ಎಂದು ಆಸ್ಪತ್ರೆಯ ಆಡಳಿತ ಮಂಡಳಿ ತಿಳಿಸಿದೆ.

ಧಾರವಾಡ: ಎಸ್‌ಡಿಎಂ ನಾರಾಯಣ ಹಾರ್ಟ್ ಸೆಂಟರ್‌ನಲ್ಲಿ ಪ್ರಥಮ ಬಾರಿಗೆ ಟ್ರಾನ್ಸ್‌ಕ್ಯಾತೆಟರ್ ಅಯೋರ್ಟಿಕ್ ವಾಲ್ವ್ ಇಂಪ್ಲಾಂಟೇಶನ್ (TAVI) ಚಿಕಿತ್ಸೆಯನ್ನು ಯಶಸ್ವಿಯಾಗಿ ನೆರವೇರಿಸಲಾಗಿದೆ. ಹಿರಿಯ ಹೃದ್ರೋಗ ತಜ್ಞ ಡಾ. ರಘುಪ್ರಸಾದ ನೇತೃತ್ವದ ತಂಡ ಈ ಸಾಧನೆ ಮಾಡಿದೆ. ವಯೋವೃದ್ಧ ರೋಗಿಗೆ ಶಸ್ತ್ರಚಿಕಿತ್ಸೆ ಇಲ್ಲದೆ ಕವಾಟ ಬದಲಿಸಲಾಯಿತು. ರೋಗಿ ಶೀಘ್ರವಾಗಿ ಚೇತರಿಸಿಕೊಂಡು ಮನೆಗೆ ತೆರಳಿದ್ದಾರೆ. ಈ ಭಾಗದ ಜನರಿಗೆ ಅತ್ಯಾಧುನಿಕ ಹೃದಯ ಚಿಕಿತ್ಸೆ ಕೈಗೆಟಕುವ ದರದಲ್ಲಿ ಲಭ್ಯವಿದೆ ಎಂದು ಆಸ್ಪತ್ರೆಯ ಆಡಳಿತ ಮಂಡಳಿ ತಿಳಿಸಿದೆ.
